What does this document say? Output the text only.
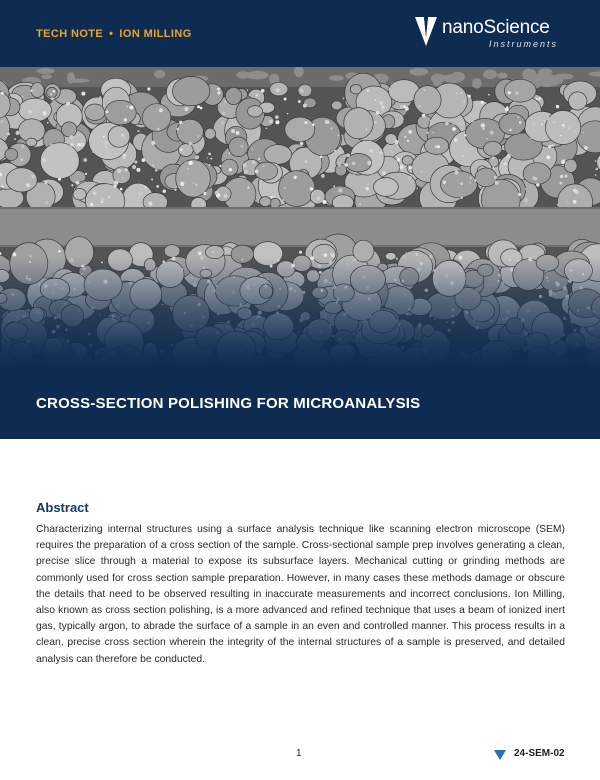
TECH NOTE • ION MILLING	nanoScience
Instruments
CROSS-SECTION POLISHING FOR MICROANALYSIS
Abstract

Characterizing internal structures using a surface analysis technique like scanning electron microscope (SEM) requires the preparation of a cross section of the sample. Cross-sectional sample prep involves generating a clean, precise slice through a material to expose its subsurface layers. Mechanical cutting or grinding methods are commonly used for cross section sample preparation. However, in many cases these methods damage or obscure the details that need to be observed resulting in inaccurate measurements and incorrect conclusions. Ion Milling, also known as cross section polishing, is a more advanced and refined technique that uses a beam of ionized inert gas, typically argon, to abrade the surface of a sample in an even and controlled manner. This process results in a clean, precise cross section wherein the integrity of the internal structures of a sample is preserved, and detailed analysis can therefore be conducted.

1	24-SEM-02
